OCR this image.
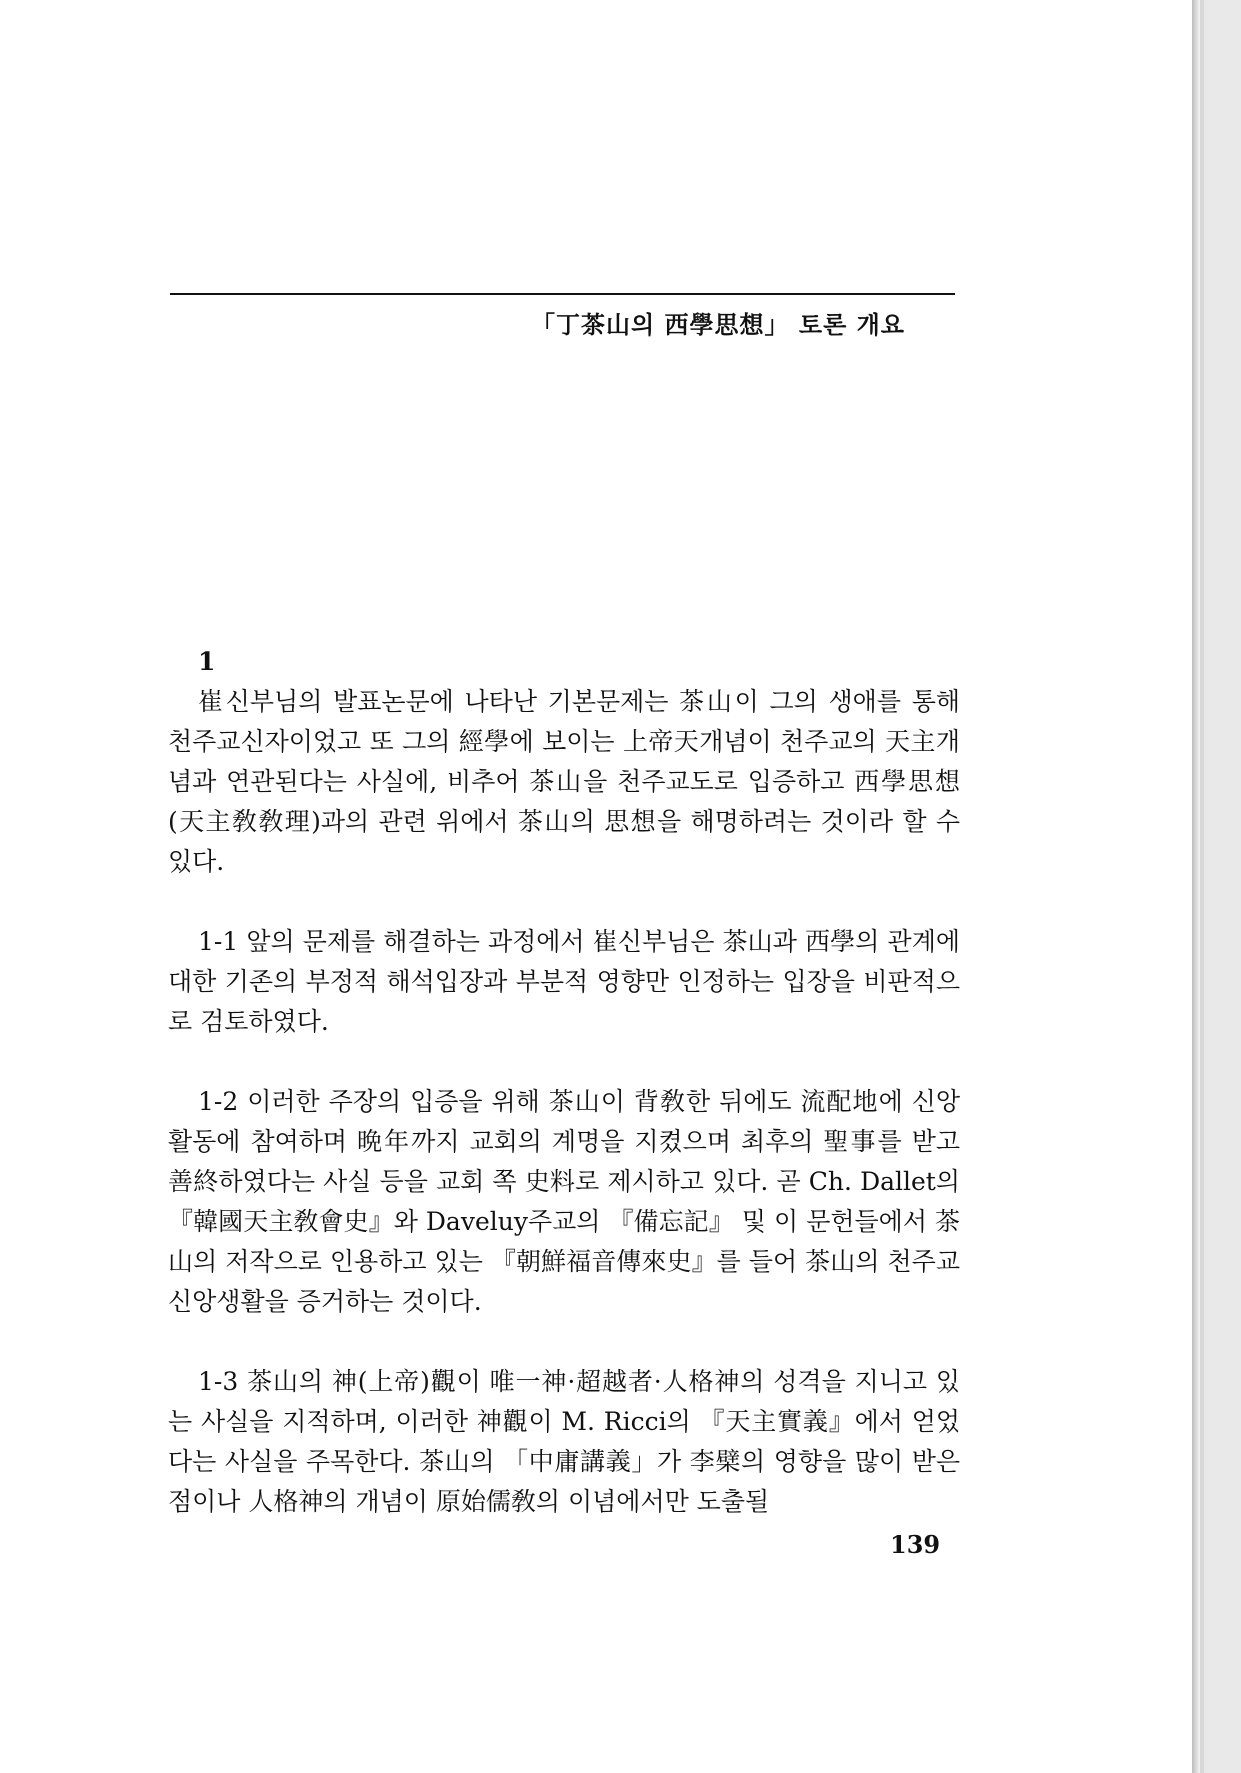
「丁茶山의 西學思想」 토론 개요
1

崔신부님의 발표논문에 나타난 기본문제는 茶山이 그의 생애를 통해 천주교신자이었고 또 그의 經學에 보이는 上帝天개념이 천주교의 天主개념과 연관된다는 사실에, 비추어 茶山을 천주교도로 입증하고 西學思想(天主敎敎理)과의 관련 위에서 茶山의 思想을 해명하려는 것이라 할 수 있다.

1-1 앞의 문제를 해결하는 과정에서 崔신부님은 茶山과 西學의 관계에 대한 기존의 부정적 해석입장과 부분적 영향만 인정하는 입장을 비판적으로 검토하였다.

1-2 이러한 주장의 입증을 위해 茶山이 背敎한 뒤에도 流配地에 신앙활동에 참여하며 晩年까지 교회의 계명을 지켰으며 최후의 聖事를 받고 善終하였다는 사실 등을 교회 쪽 史料로 제시하고 있다. 곧 Ch. Dallet의 『韓國天主敎會史』와 Daveluy주교의 『備忘記』 및 이 문헌들에서 茶山의 저작으로 인용하고 있는 『朝鮮福音傳來史』를 들어 茶山의 천주교 신앙생활을 증거하는 것이다.

1-3 茶山의 神(上帝)觀이 唯一神·超越者·人格神의 성격을 지니고 있는 사실을 지적하며, 이러한 神觀이 M. Ricci의 『天主實義』에서 얻었다는 사실을 주목한다. 茶山의 「中庸講義」가 李檗의 영향을 많이 받은 점이나 人格神의 개념이 原始儒敎의 이념에서만 도출될

139
